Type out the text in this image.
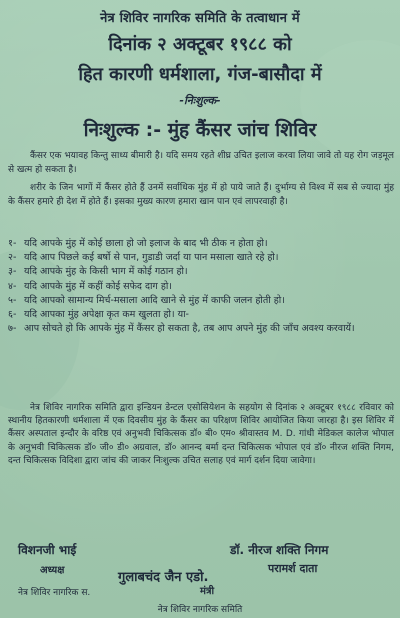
नेत्र शिविर नागरिक समिति के तत्वाधान में
दिनांक २ अक्टूबर १९८८ को
हित कारणी धर्मशाला, गंज-बासौदा में
-निःशुल्क-
निःशुल्क :- मुंह कैंसर जांच शिविर
कैंसर एक भयावह किन्तु साध्य बीमारी है। यदि समय रहते शीघ्र उचित इलाज करवा लिया जावे तो यह रोग जड़मूल से खत्म हो सकता है।
शरीर के जिन भागों में कैंसर होते हैं उनमें सर्वाधिक मुंह में हो पाये जाते हैं। दुर्भाग्य से विश्व में सब से ज्यादा मुंह के कैंसर हमारे ही देश में होते हैं। इसका मुख्य कारण हमारा खान पान एवं लापरवाही है।
१- यदि आपके मुंह में कोई छाला हो जो इलाज के बाद भी ठीक न होता हो।
२- यदि आप पिछले कई बर्षो से पान, गुडाडी जर्दा या पान मसाला खाते रहे हो।
३- यदि आपके मुंह के किसी भाग में कोई गठान हो।
४- यदि आपके मुंह में कहीं कोई सफेद दाग हो।
५- यदि आपको सामान्य मिर्च-मसाला आदि खाने से मुंह में काफी जलन होती हो।
६- यदि आपका मुंह अपेक्षा कृत कम खुलता हो। या-
७- आप सोचते हो कि आपके मुंह में कैंसर हो सकता है, तब आप अपने मुंह की जाँच अवश्य करवायें।
नेत्र शिविर नागरिक समिति द्वारा इन्डियन डेन्टल एसोसियेशन के सहयोग से दिनांक २ अक्टूबर १९८८ रविवार को स्थानीय हितकारणी धर्मशाला में एक दिवसीय मुंह के कैंसर का परिक्षण शिविर आयोजित किया जारहा है। इस शिविर में कैंसर अस्पताल इन्दौर के वरिष्ठ एवं अनुभवी चिकित्सक डॉ० बी० एम० श्रीवास्तव M. D. गांधी मेडिकल कालेज भोपाल के अनुभवी चिकित्सक डॉ० जी० डी० अग्रवाल, डॉ० आनन्द बर्मा दन्त चिकित्सक भोपाल एवं डॉ० नीरज शक्ति निगम, दन्त चिकित्सक विदिशा द्वारा जांच की जाकर निःशुल्क उचित सलाह एवं मार्ग दर्शन दिया जावेगा।
विशनजी भाई	डॉ. नीरज शक्ति निगम
अध्यक्ष	गुलाबचंद जैन एडो.
परामर्श दाता
नेत्र शिविर नागरिक स.	मंत्री
नेत्र शिविर नागरिक समिति
